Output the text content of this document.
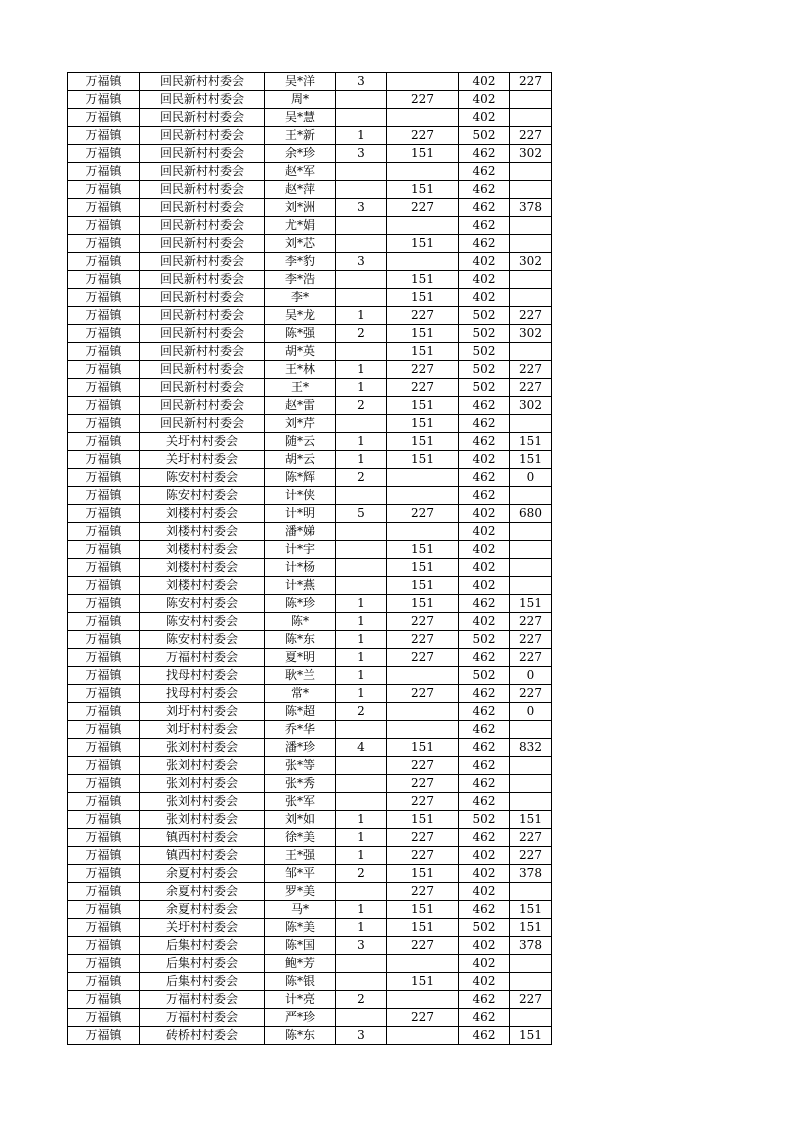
万福镇	回民新村村委会	吴*洋	3		402	227
万福镇	回民新村村委会	周*		227	402	
万福镇	回民新村村委会	吴*慧			402	
万福镇	回民新村村委会	王*新	1	227	502	227
万福镇	回民新村村委会	余*珍	3	151	462	302
万福镇	回民新村村委会	赵*军			462	
万福镇	回民新村村委会	赵*萍		151	462	
万福镇	回民新村村委会	刘*洲	3	227	462	378
万福镇	回民新村村委会	尤*娟			462	
万福镇	回民新村村委会	刘*芯		151	462	
万福镇	回民新村村委会	李*豹	3		402	302
万福镇	回民新村村委会	李*浩		151	402	
万福镇	回民新村村委会	李*		151	402	
万福镇	回民新村村委会	吴*龙	1	227	502	227
万福镇	回民新村村委会	陈*强	2	151	502	302
万福镇	回民新村村委会	胡*英		151	502	
万福镇	回民新村村委会	王*林	1	227	502	227
万福镇	回民新村村委会	王*	1	227	502	227
万福镇	回民新村村委会	赵*雷	2	151	462	302
万福镇	回民新村村委会	刘*芹		151	462	
万福镇	关圩村村委会	随*云	1	151	462	151
万福镇	关圩村村委会	胡*云	1	151	402	151
万福镇	陈安村村委会	陈*辉	2		462	0
万福镇	陈安村村委会	计*侠			462	
万福镇	刘楼村村委会	计*明	5	227	402	680
万福镇	刘楼村村委会	潘*娣			402	
万福镇	刘楼村村委会	计*宇		151	402	
万福镇	刘楼村村委会	计*杨		151	402	
万福镇	刘楼村村委会	计*燕		151	402	
万福镇	陈安村村委会	陈*珍	1	151	462	151
万福镇	陈安村村委会	陈*	1	227	402	227
万福镇	陈安村村委会	陈*东	1	227	502	227
万福镇	万福村村委会	夏*明	1	227	462	227
万福镇	找母村村委会	耿*兰	1		502	0
万福镇	找母村村委会	常*	1	227	462	227
万福镇	刘圩村村委会	陈*超	2		462	0
万福镇	刘圩村村委会	乔*华			462	
万福镇	张刘村村委会	潘*珍	4	151	462	832
万福镇	张刘村村委会	张*等		227	462	
万福镇	张刘村村委会	张*秀		227	462	
万福镇	张刘村村委会	张*军		227	462	
万福镇	张刘村村委会	刘*如	1	151	502	151
万福镇	镇西村村委会	徐*美	1	227	462	227
万福镇	镇西村村委会	王*强	1	227	402	227
万福镇	余夏村村委会	邹*平	2	151	402	378
万福镇	余夏村村委会	罗*美		227	402	
万福镇	余夏村村委会	马*	1	151	462	151
万福镇	关圩村村委会	陈*美	1	151	502	151
万福镇	后集村村委会	陈*国	3	227	402	378
万福镇	后集村村委会	鲍*芳			402	
万福镇	后集村村委会	陈*银		151	402	
万福镇	万福村村委会	计*亮	2		462	227
万福镇	万福村村委会	严*珍		227	462	
万福镇	砖桥村村委会	陈*东	3		462	151
